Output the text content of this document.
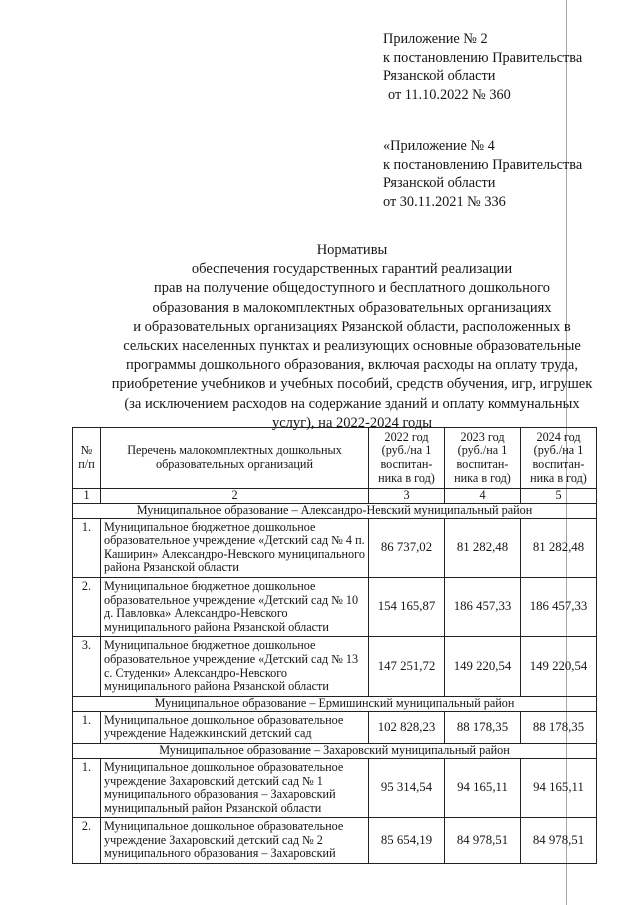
Приложение № 2
к постановлению Правительства
Рязанской области
от 11.10.2022 № 360
«Приложение № 4
к постановлению Правительства
Рязанской области
от 30.11.2021 № 336
Нормативы
обеспечения государственных гарантий реализации
прав на получение общедоступного и бесплатного дошкольного
образования в малокомплектных образовательных организациях
и образовательных организациях Рязанской области, расположенных в
сельских населенных пунктах и реализующих основные образовательные
программы дошкольного образования, включая расходы на оплату труда,
приобретение учебников и учебных пособий, средств обучения, игр, игрушек
(за исключением расходов на содержание зданий и оплату коммунальных
услуг), на 2022-2024 годы
№ п/п	Перечень малокомплектных дошкольных образовательных организаций	2022 год (руб./на 1 воспитан-ника в год)	2023 год (руб./на 1 воспитан-ника в год)	2024 год (руб./на 1 воспитан-ника в год)
1	2	3	4	5
Муниципальное образование – Александро-Невский муниципальный район				
1.	Муниципальное бюджетное дошкольное образовательное учреждение «Детский сад № 4 п. Каширин» Александро-Невского муниципального района Рязанской области	86 737,02	81 282,48	81 282,48
2.	Муниципальное бюджетное дошкольное образовательное учреждение «Детский сад № 10 д. Павловка» Александро-Невского муниципального района Рязанской области	154 165,87	186 457,33	186 457,33
3.	Муниципальное бюджетное дошкольное образовательное учреждение «Детский сад № 13 с. Студенки» Александро-Невского муниципального района Рязанской области	147 251,72	149 220,54	149 220,54
Муниципальное образование – Ермишинский муниципальный район				
1.	Муниципальное дошкольное образовательное учреждение Надежкинский детский сад	102 828,23	88 178,35	88 178,35
Муниципальное образование – Захаровский муниципальный район				
1.	Муниципальное дошкольное образовательное учреждение Захаровский детский сад № 1 муниципального образования – Захаровский муниципальный район Рязанской области	95 314,54	94 165,11	94 165,11
2.	Муниципальное дошкольное образовательное учреждение Захаровский детский сад № 2 муниципального образования – Захаровский	85 654,19	84 978,51	84 978,51
